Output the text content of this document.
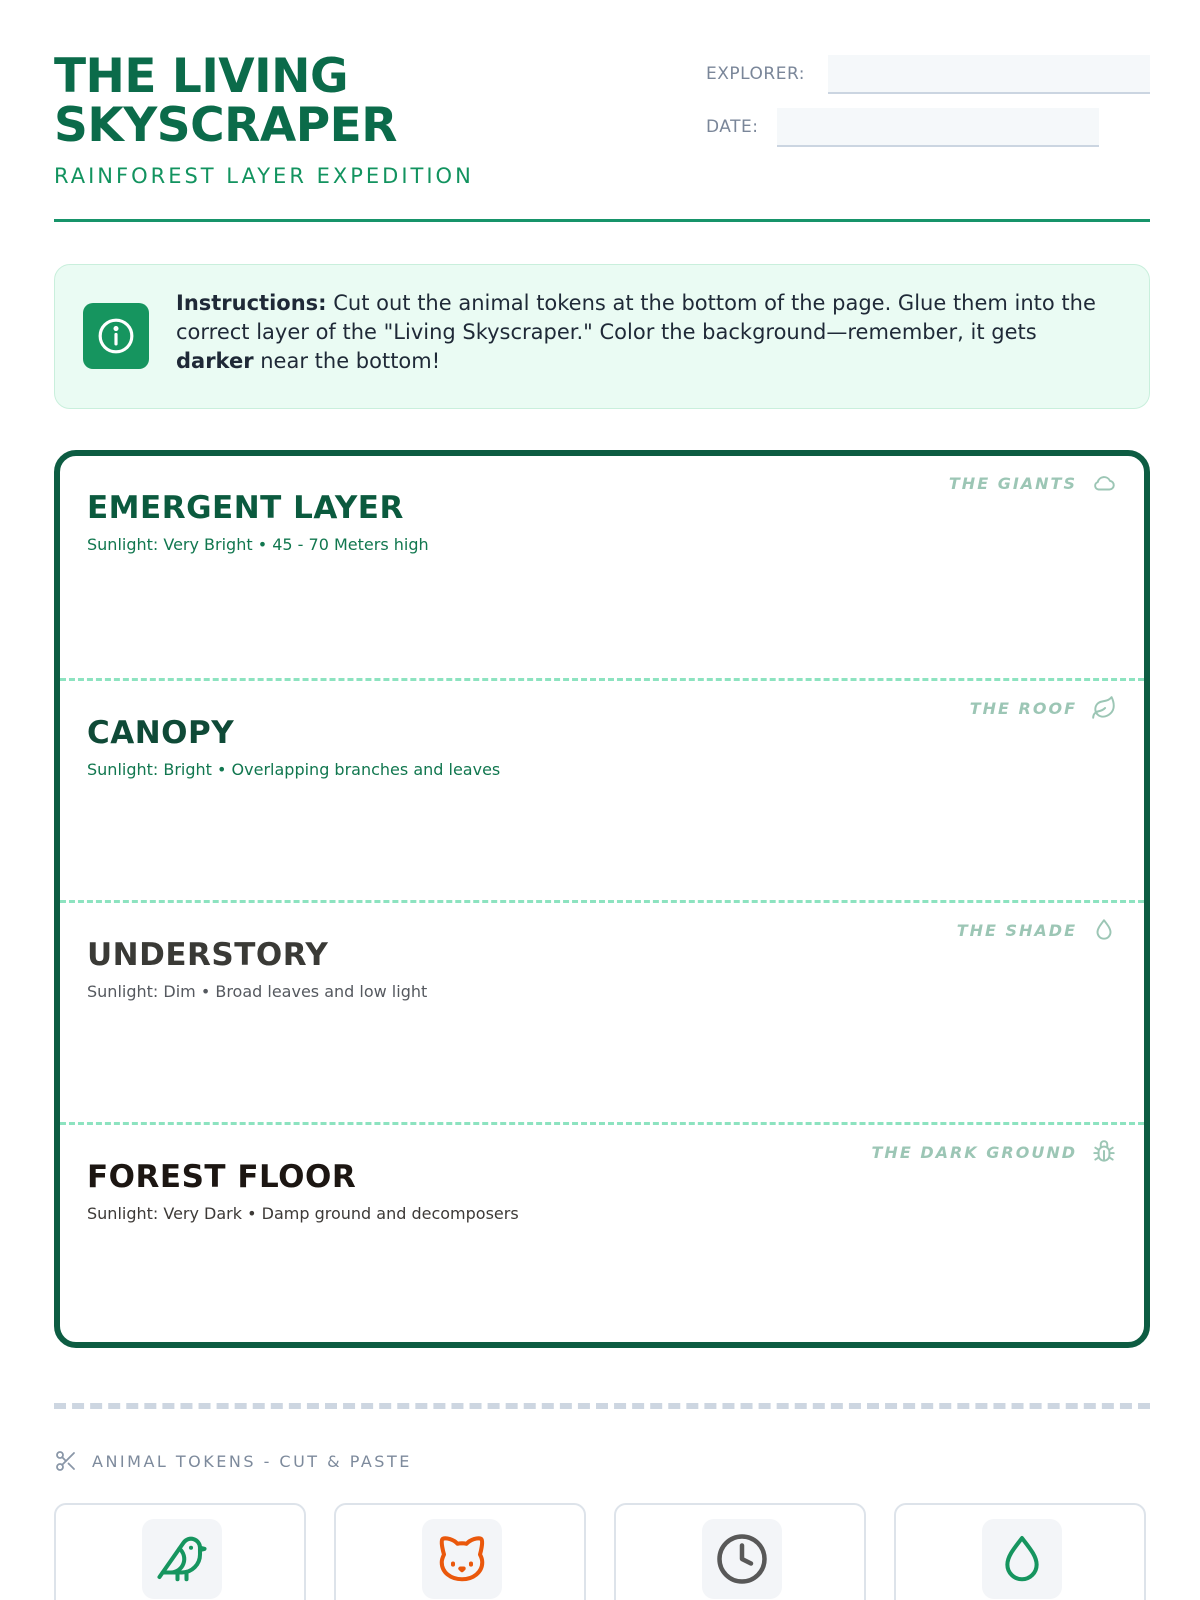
THE LIVING
SKYSCRAPER
RAINFOREST LAYER EXPEDITION
EXPLORER:
DATE:
Instructions: Cut out the animal tokens at the bottom of the page. Glue them into the correct layer of the "Living Skyscraper." Color the background—remember, it gets darker near the bottom!
EMERGENT LAYER
Sunlight: Very Bright • 45 - 70 Meters high
THE GIANTS
CANOPY
Sunlight: Bright • Overlapping branches and leaves
THE ROOF
UNDERSTORY
Sunlight: Dim • Broad leaves and low light
THE SHADE
FOREST FLOOR
Sunlight: Very Dark • Damp ground and decomposers
THE DARK GROUND
ANIMAL TOKENS - CUT & PASTE
